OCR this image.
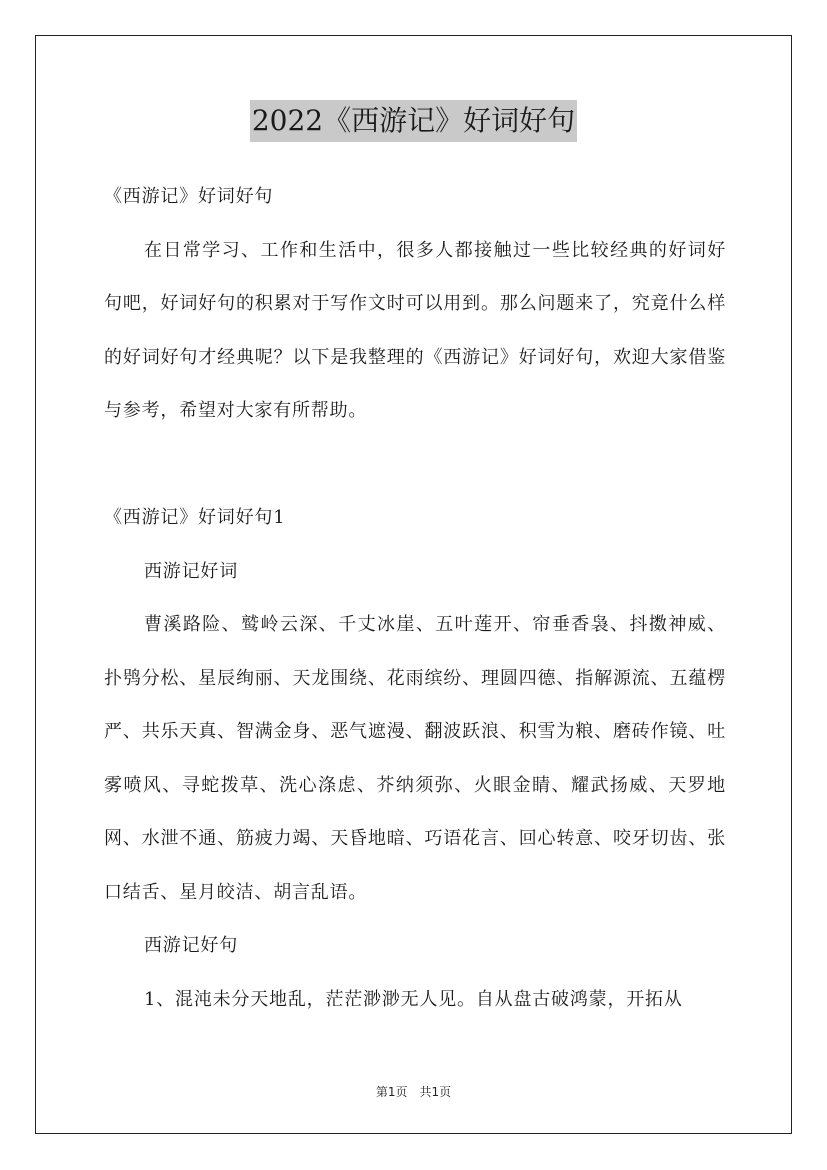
2022《西游记》好词好句

《西游记》好词好句

在日常学习、工作和生活中，很多人都接触过一些比较经典的好词好句吧，好词好句的积累对于写作文时可以用到。那么问题来了，究竟什么样的好词好句才经典呢？以下是我整理的《西游记》好词好句，欢迎大家借鉴与参考，希望对大家有所帮助。

《西游记》好词好句1

西游记好词

曹溪路险、鹫岭云深、千丈冰崖、五叶莲开、帘垂香袅、抖擞神威、扑鸮分松、星辰绚丽、天龙围绕、花雨缤纷、理圆四德、指解源流、五蕴楞严、共乐天真、智满金身、恶气遮漫、翻波跃浪、积雪为粮、磨砖作镜、吐雾喷风、寻蛇拨草、洗心涤虑、芥纳须弥、火眼金睛、耀武扬威、天罗地网、水泄不通、筋疲力竭、天昏地暗、巧语花言、回心转意、咬牙切齿、张口结舌、星月皎洁、胡言乱语。

西游记好句

1、混沌未分天地乱，茫茫渺渺无人见。自从盘古破鸿蒙，开拓从

第1页　共1页
